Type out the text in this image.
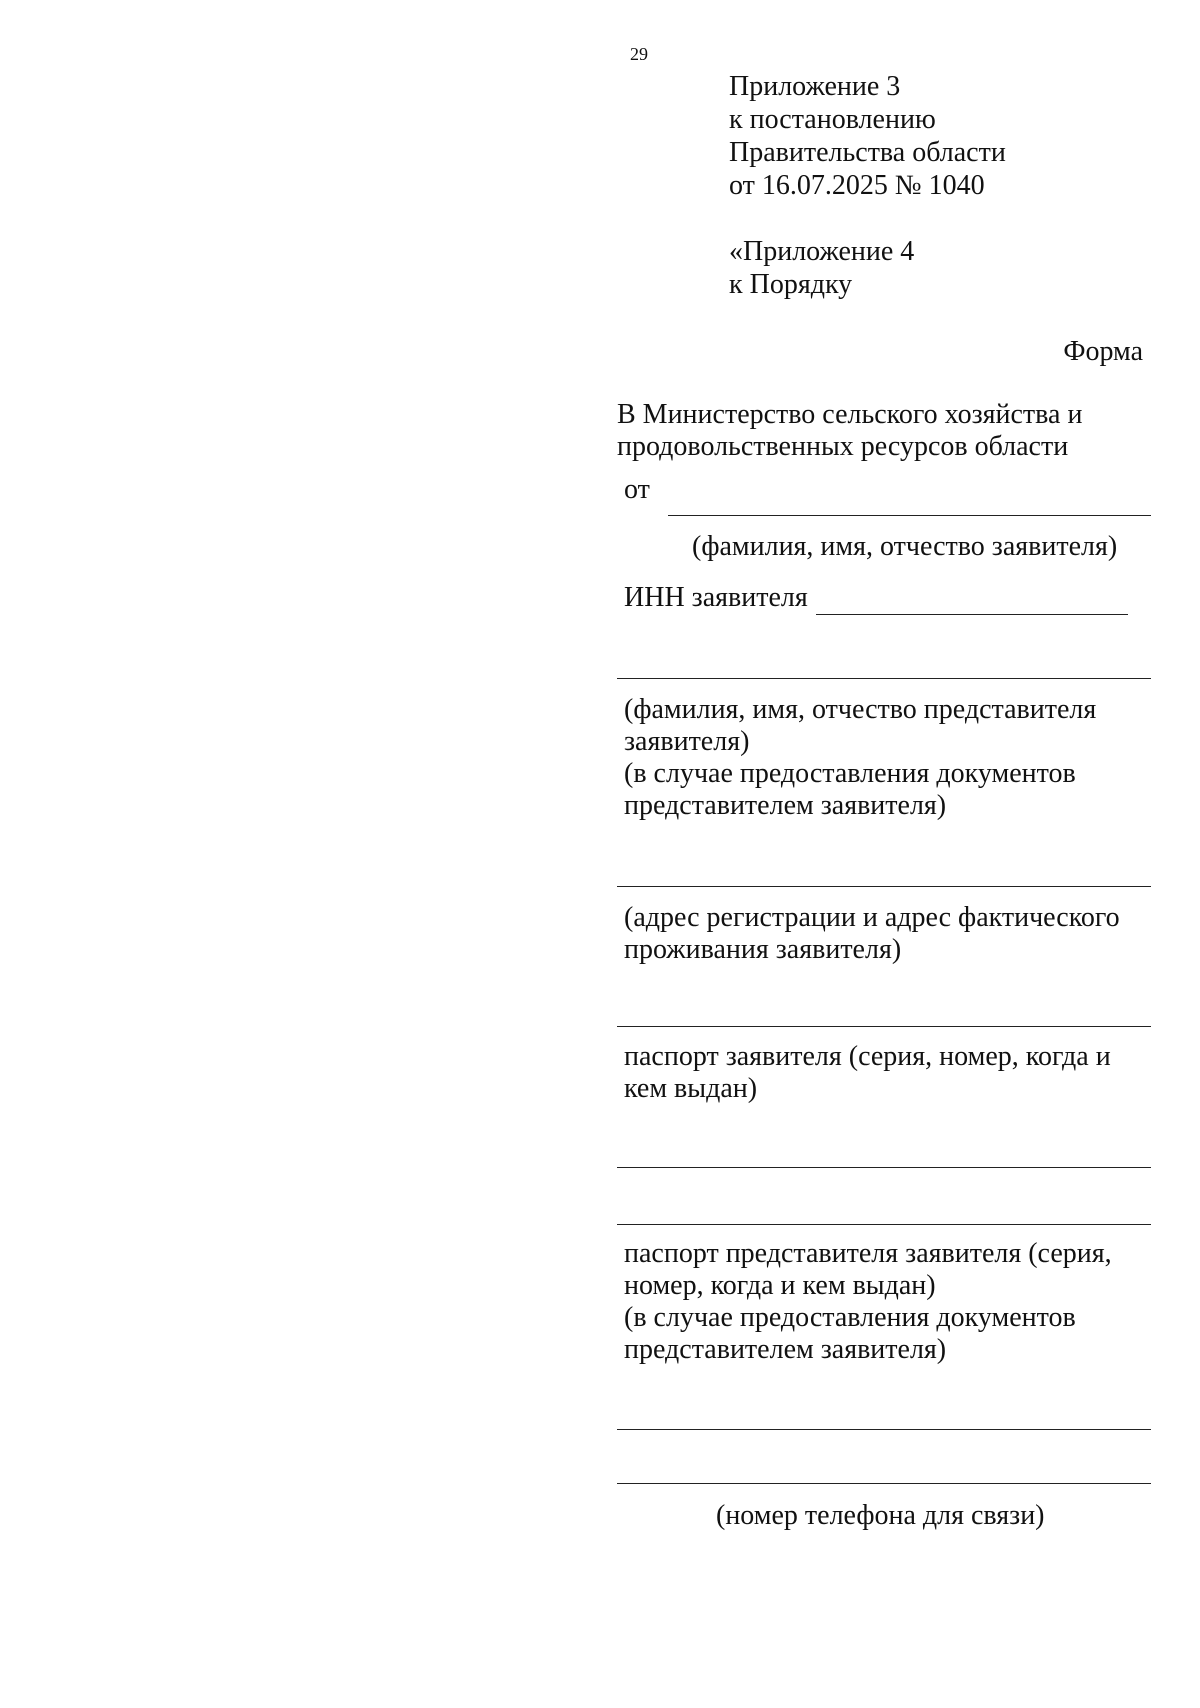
29
Приложение 3
к постановлению
Правительства области
от 16.07.2025 № 1040
«Приложение 4
к Порядку
Форма
В Министерство сельского хозяйства и
продовольственных ресурсов области
от
(фамилия, имя, отчество заявителя)
ИНН заявителя
(фамилия, имя, отчество представителя
заявителя)
(в случае предоставления документов
представителем заявителя)
(адрес регистрации и адрес фактического
проживания заявителя)
паспорт заявителя (серия, номер, когда и
кем выдан)
паспорт представителя заявителя (серия,
номер, когда и кем выдан)
(в случае предоставления документов
представителем заявителя)
(номер телефона для связи)
